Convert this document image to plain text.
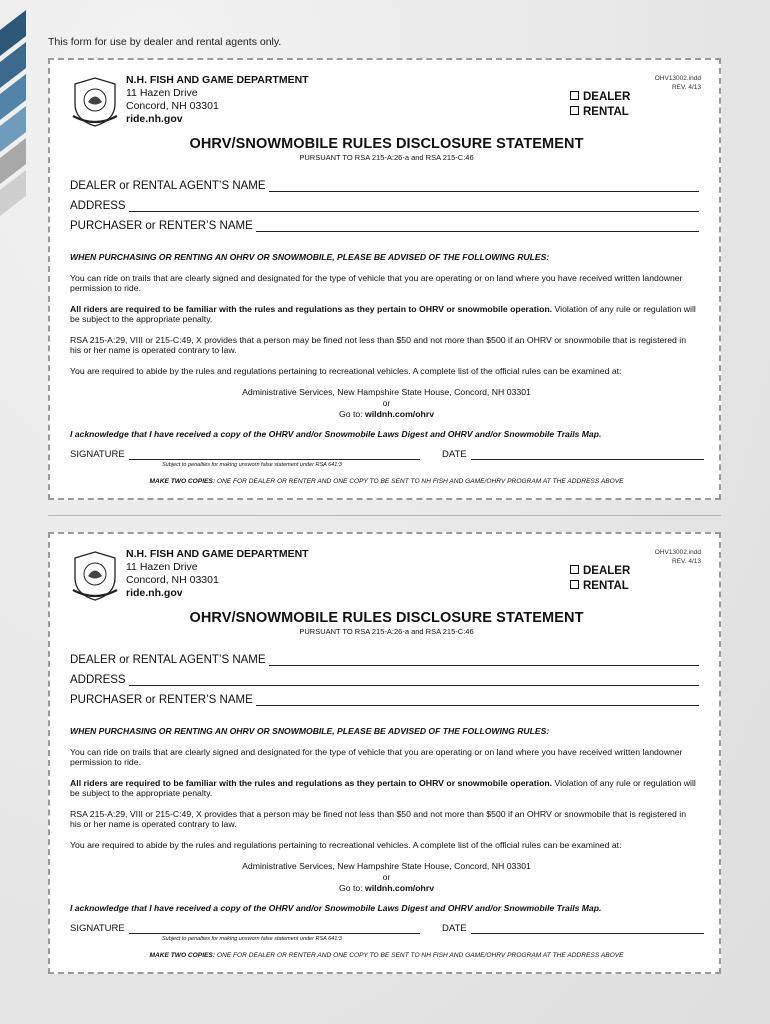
This form for use by dealer and rental agents only.
N.H. FISH AND GAME DEPARTMENT
11 Hazen Drive
Concord, NH 03301
ride.nh.gov
OHV13002.indd
REV. 4/13
DEALER
RENTAL
OHRV/SNOWMOBILE RULES DISCLOSURE STATEMENT
PURSUANT TO RSA 215-A:26-a and RSA 215-C:46
DEALER or RENTAL AGENT’S NAME
ADDRESS
PURCHASER or RENTER’S NAME
WHEN PURCHASING OR RENTING AN OHRV OR SNOWMOBILE, PLEASE BE ADVISED OF THE FOLLOWING RULES:
You can ride on trails that are clearly signed and designated for the type of vehicle that you are operating or on land where you have received written landowner permission to ride.
All riders are required to be familiar with the rules and regulations as they pertain to OHRV or snowmobile operation. Violation of any rule or regulation will be subject to the appropriate penalty.
RSA 215-A:29, VIII or 215-C:49, X provides that a person may be fined not less than $50 and not more than $500 if an OHRV or snowmobile that is registered in his or her name is operated contrary to law.
You are required to abide by the rules and regulations pertaining to recreational vehicles. A complete list of the official rules can be examined at:
Administrative Services, New Hampshire State House, Concord, NH 03301
or
Go to: wildnh.com/ohrv
I acknowledge that I have received a copy of the OHRV and/or Snowmobile Laws Digest and OHRV and/or Snowmobile Trails Map.
SIGNATURE	DATE
Subject to penalties for making unsworn false statement under RSA 641:3
MAKE TWO COPIES: ONE FOR DEALER OR RENTER AND ONE COPY TO BE SENT TO NH FISH AND GAME/OHRV PROGRAM AT THE ADDRESS ABOVE
N.H. FISH AND GAME DEPARTMENT
11 Hazen Drive
Concord, NH 03301
ride.nh.gov
OHV13002.indd
REV. 4/13
DEALER
RENTAL
OHRV/SNOWMOBILE RULES DISCLOSURE STATEMENT
PURSUANT TO RSA 215-A:26-a and RSA 215-C:46
DEALER or RENTAL AGENT’S NAME
ADDRESS
PURCHASER or RENTER’S NAME
WHEN PURCHASING OR RENTING AN OHRV OR SNOWMOBILE, PLEASE BE ADVISED OF THE FOLLOWING RULES:
You can ride on trails that are clearly signed and designated for the type of vehicle that you are operating or on land where you have received written landowner permission to ride.
All riders are required to be familiar with the rules and regulations as they pertain to OHRV or snowmobile operation. Violation of any rule or regulation will be subject to the appropriate penalty.
RSA 215-A:29, VIII or 215-C:49, X provides that a person may be fined not less than $50 and not more than $500 if an OHRV or snowmobile that is registered in his or her name is operated contrary to law.
You are required to abide by the rules and regulations pertaining to recreational vehicles. A complete list of the official rules can be examined at:
Administrative Services, New Hampshire State House, Concord, NH 03301
or
Go to: wildnh.com/ohrv
I acknowledge that I have received a copy of the OHRV and/or Snowmobile Laws Digest and OHRV and/or Snowmobile Trails Map.
SIGNATURE	DATE
Subject to penalties for making unsworn false statement under RSA 641:3
MAKE TWO COPIES: ONE FOR DEALER OR RENTER AND ONE COPY TO BE SENT TO NH FISH AND GAME/OHRV PROGRAM AT THE ADDRESS ABOVE
